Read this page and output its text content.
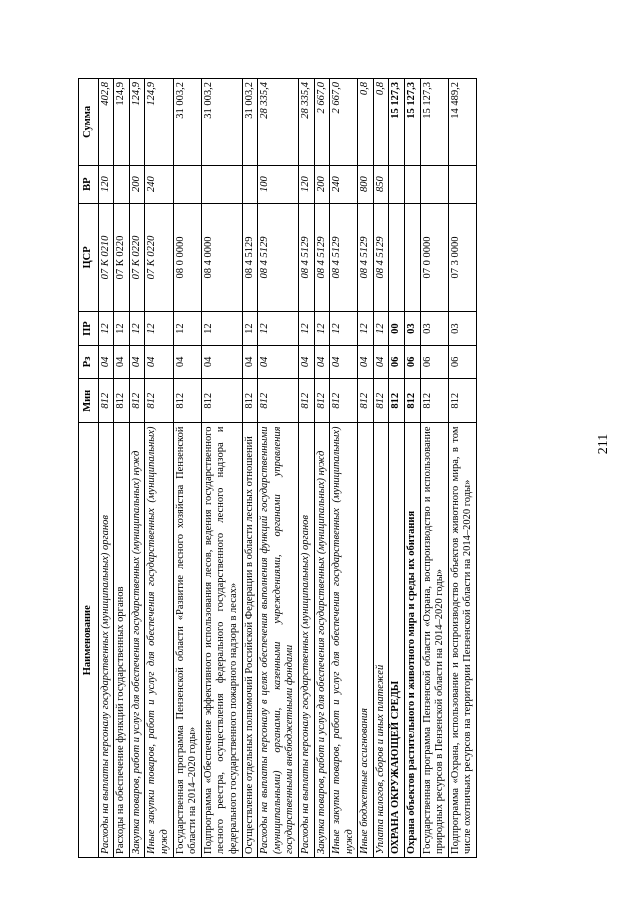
211
Наименование	Мин	Рз	ПР	ЦСР	ВР	Сумма
Расходы на выплаты персоналу государственных (муниципальных) органов	812	04	12	07 К 0210	120	402,8
Расходы на обеспечение функций государственных органов	812	04	12	07 К 0220		124,9
Закупка товаров, работ и услуг для обеспечения государственных (муниципальных) нужд	812	04	12	07 К 0220	200	124,9
Иные закупки товаров, работ и услуг для обеспечения государственных (муниципальных) нужд	812	04	12	07 К 0220	240	124,9
Государственная программа Пензенской области «Развитие лесного хозяйства Пензенской области на 2014–2020 годы»	812	04	12	08 0 0000		31 003,2
Подпрограмма «Обеспечение эффективного использования лесов, ведения государственного лесного реестра, осуществления федерального государственного лесного надзора и федерального государственного пожарного надзора в лесах»	812	04	12	08 4 0000		31 003,2
Осуществление отдельных полномочий Российской Федерации в области лесных отношений	812	04	12	08 4 5129		31 003,2
Расходы на выплаты персоналу в целях обеспечения выполнения функций государственными (муниципальными) органами, казенными учреждениями, органами управления государственными внебюджетными фондами	812	04	12	08 4 5129	100	28 335,4
Расходы на выплаты персоналу государственных (муниципальных) органов	812	04	12	08 4 5129	120	28 335,4
Закупка товаров, работ и услуг для обеспечения государственных (муниципальных) нужд	812	04	12	08 4 5129	200	2 667,0
Иные закупки товаров, работ и услуг для обеспечения государственных (муниципальных) нужд	812	04	12	08 4 5129	240	2 667,0
Иные бюджетные ассигнования	812	04	12	08 4 5129	800	0,8
Уплата налогов, сборов и иных платежей	812	04	12	08 4 5129	850	0,8
ОХРАНА ОКРУЖАЮЩЕЙ СРЕДЫ	812	06	00			15 127,3
Охрана объектов растительного и животного мира и среды их обитания	812	06	03			15 127,3
Государственная программа Пензенской области «Охрана, воспроизводство и использование природных ресурсов в Пензенской области на 2014–2020 годы»	812	06	03	07 0 0000		15 127,3
Подпрограмма «Охрана, использование и воспроизводство объектов животного мира, в том числе охотничьих ресурсов на территории Пензенской области на 2014–2020 годы»	812	06	03	07 3 0000		14 489,2
